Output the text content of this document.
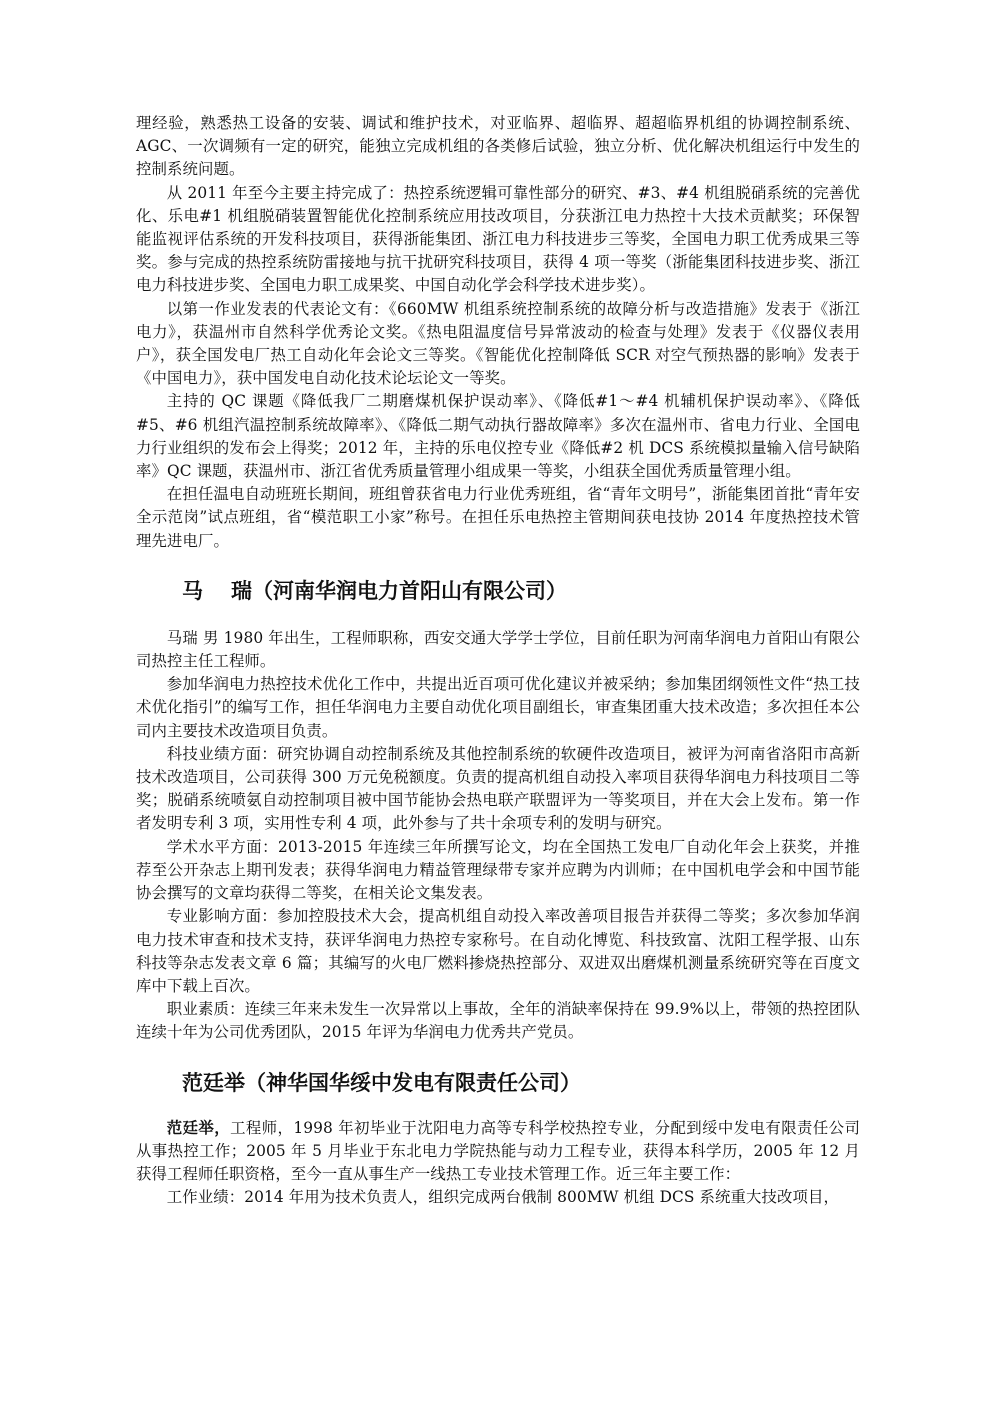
理经验，熟悉热工设备的安装、调试和维护技术，对亚临界、超临界、超超临界机组的协调控制系统、AGC、一次调频有一定的研究，能独立完成机组的各类修后试验，独立分析、优化解决机组运行中发生的控制系统问题。

从 2011 年至今主要主持完成了：热控系统逻辑可靠性部分的研究、#3、#4 机组脱硝系统的完善优化、乐电#1 机组脱硝装置智能优化控制系统应用技改项目，分获浙江电力热控十大技术贡献奖；环保智能监视评估系统的开发科技项目，获得浙能集团、浙江电力科技进步三等奖，全国电力职工优秀成果三等奖。参与完成的热控系统防雷接地与抗干扰研究科技项目，获得 4 项一等奖（浙能集团科技进步奖、浙江电力科技进步奖、全国电力职工成果奖、中国自动化学会科学技术进步奖）。

以第一作业发表的代表论文有：《660MW 机组系统控制系统的故障分析与改造措施》发表于《浙江电力》，获温州市自然科学优秀论文奖。《热电阻温度信号异常波动的检查与处理》发表于《仪器仪表用户》，获全国发电厂热工自动化年会论文三等奖。《智能优化控制降低 SCR 对空气预热器的影响》发表于《中国电力》，获中国发电自动化技术论坛论文一等奖。

主持的 QC 课题《降低我厂二期磨煤机保护误动率》、《降低#1～#4 机辅机保护误动率》、《降低#5、#6 机组汽温控制系统故障率》、《降低二期气动执行器故障率》多次在温州市、省电力行业、全国电力行业组织的发布会上得奖；2012 年，主持的乐电仪控专业《降低#2 机 DCS 系统模拟量输入信号缺陷率》QC 课题，获温州市、浙江省优秀质量管理小组成果一等奖，小组获全国优秀质量管理小组。

在担任温电自动班班长期间，班组曾获省电力行业优秀班组，省“青年文明号”，浙能集团首批“青年安全示范岗”试点班组，省“模范职工小家”称号。在担任乐电热控主管期间获电技协 2014 年度热控技术管理先进电厂。

马 瑞（河南华润电力首阳山有限公司）

马瑞 男 1980 年出生，工程师职称，西安交通大学学士学位，目前任职为河南华润电力首阳山有限公司热控主任工程师。

参加华润电力热控技术优化工作中，共提出近百项可优化建议并被采纳；参加集团纲领性文件“热工技术优化指引”的编写工作，担任华润电力主要自动优化项目副组长，审查集团重大技术改造；多次担任本公司内主要技术改造项目负责。

科技业绩方面：研究协调自动控制系统及其他控制系统的软硬件改造项目，被评为河南省洛阳市高新技术改造项目，公司获得 300 万元免税额度。负责的提高机组自动投入率项目获得华润电力科技项目二等奖；脱硝系统喷氨自动控制项目被中国节能协会热电联产联盟评为一等奖项目，并在大会上发布。第一作者发明专利 3 项，实用性专利 4 项，此外参与了共十余项专利的发明与研究。

学术水平方面：2013-2015 年连续三年所撰写论文，均在全国热工发电厂自动化年会上获奖，并推荐至公开杂志上期刊发表；获得华润电力精益管理绿带专家并应聘为内训师；在中国机电学会和中国节能协会撰写的文章均获得二等奖，在相关论文集发表。

专业影响方面：参加控股技术大会，提高机组自动投入率改善项目报告并获得二等奖；多次参加华润电力技术审查和技术支持，获评华润电力热控专家称号。在自动化博览、科技致富、沈阳工程学报、山东科技等杂志发表文章 6 篇；其编写的火电厂燃料掺烧热控部分、双进双出磨煤机测量系统研究等在百度文库中下载上百次。

职业素质：连续三年来未发生一次异常以上事故，全年的消缺率保持在 99.9%以上，带领的热控团队连续十年为公司优秀团队，2015 年评为华润电力优秀共产党员。

范廷举（神华国华绥中发电有限责任公司）

范廷举，工程师，1998 年初毕业于沈阳电力高等专科学校热控专业，分配到绥中发电有限责任公司从事热控工作；2005 年 5 月毕业于东北电力学院热能与动力工程专业，获得本科学历，2005 年 12 月获得工程师任职资格，至今一直从事生产一线热工专业技术管理工作。近三年主要工作：

工作业绩：2014 年用为技术负责人，组织完成两台俄制 800MW 机组 DCS 系统重大技改项目，
